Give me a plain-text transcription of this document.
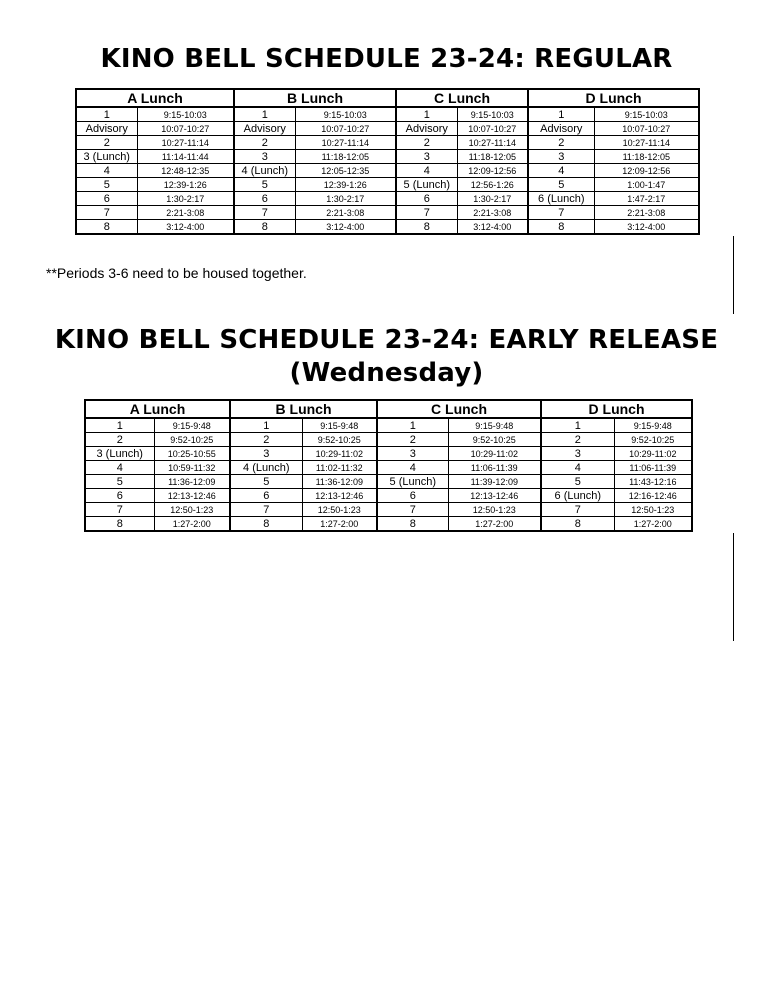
KINO BELL SCHEDULE 23-24: REGULAR
A Lunch		B Lunch		C Lunch		D Lunch	
1	9:15-10:03	1	9:15-10:03	1	9:15-10:03	1	9:15-10:03
Advisory	10:07-10:27	Advisory	10:07-10:27	Advisory	10:07-10:27	Advisory	10:07-10:27
2	10:27-11:14	2	10:27-11:14	2	10:27-11:14	2	10:27-11:14
3 (Lunch)	11:14-11:44	3	11:18-12:05	3	11:18-12:05	3	11:18-12:05
4	12:48-12:35	4 (Lunch)	12:05-12:35	4	12:09-12:56	4	12:09-12:56
5	12:39-1:26	5	12:39-1:26	5 (Lunch)	12:56-1:26	5	1:00-1:47
6	1:30-2:17	6	1:30-2:17	6	1:30-2:17	6 (Lunch)	1:47-2:17
7	2:21-3:08	7	2:21-3:08	7	2:21-3:08	7	2:21-3:08
8	3:12-4:00	8	3:12-4:00	8	3:12-4:00	8	3:12-4:00

**Periods 3-6 need to be housed together.

KINO BELL SCHEDULE 23-24: EARLY RELEASE
(Wednesday)
A Lunch		B Lunch		C Lunch		D Lunch	
1	9:15-9:48	1	9:15-9:48	1	9:15-9:48	1	9:15-9:48
2	9:52-10:25	2	9:52-10:25	2	9:52-10:25	2	9:52-10:25
3 (Lunch)	10:25-10:55	3	10:29-11:02	3	10:29-11:02	3	10:29-11:02
4	10:59-11:32	4 (Lunch)	11:02-11:32	4	11:06-11:39	4	11:06-11:39
5	11:36-12:09	5	11:36-12:09	5 (Lunch)	11:39-12:09	5	11:43-12:16
6	12:13-12:46	6	12:13-12:46	6	12:13-12:46	6 (Lunch)	12:16-12:46
7	12:50-1:23	7	12:50-1:23	7	12:50-1:23	7	12:50-1:23
8	1:27-2:00	8	1:27-2:00	8	1:27-2:00	8	1:27-2:00
